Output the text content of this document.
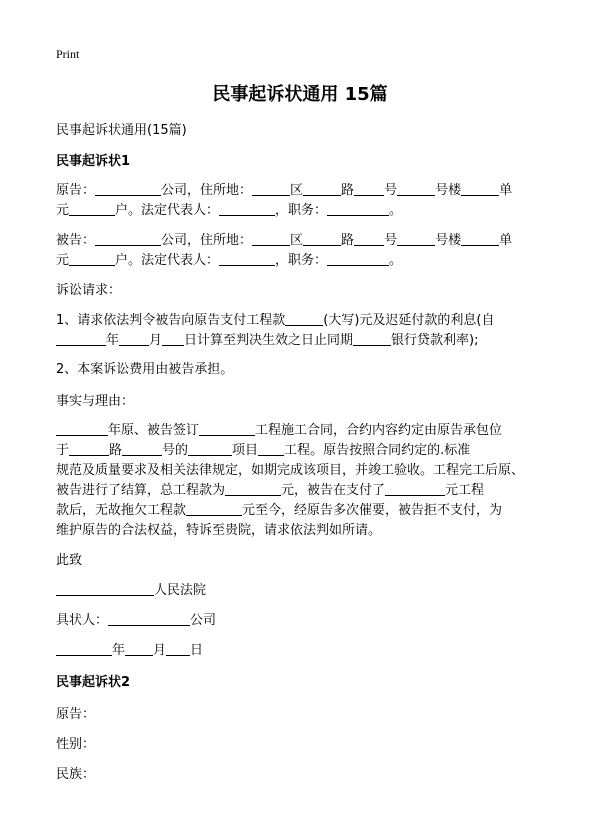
Print
民事起诉状通用 15篇
民事起诉状通用(15篇)
民事起诉状1
原告：	公司，住所地：	区	路 号	号楼	单
元	户。法定代表人：	，职务：	。
被告：	公司，住所地：	区	路 号	号楼	单
元	户。法定代表人：	，职务：	。
诉讼请求：
1、请求依法判令被告向原告支付工程款	(大写)元及迟延付款的利息(自
年 月 日计算至判决生效之日止同期	银行贷款利率);
2、本案诉讼费用由被告承担。
事实与理由：
年原、被告签订	工程施工合同，合约内容约定由原告承包位
于	路	号的	项目 工程。原告按照合同约定的.标准
规范及质量要求及相关法律规定，如期完成该项目，并竣工验收。工程完工后原、
被告进行了结算，总工程款为	元，被告在支付了	元工程
款后，无故拖欠工程款	元至今，经原告多次催要，被告拒不支付，为
维护原告的合法权益，特诉至贵院，请求依法判如所请。
此致
人民法院
具状人：	公司
年 月 日
民事起诉状2
原告：
性别：
民族：
